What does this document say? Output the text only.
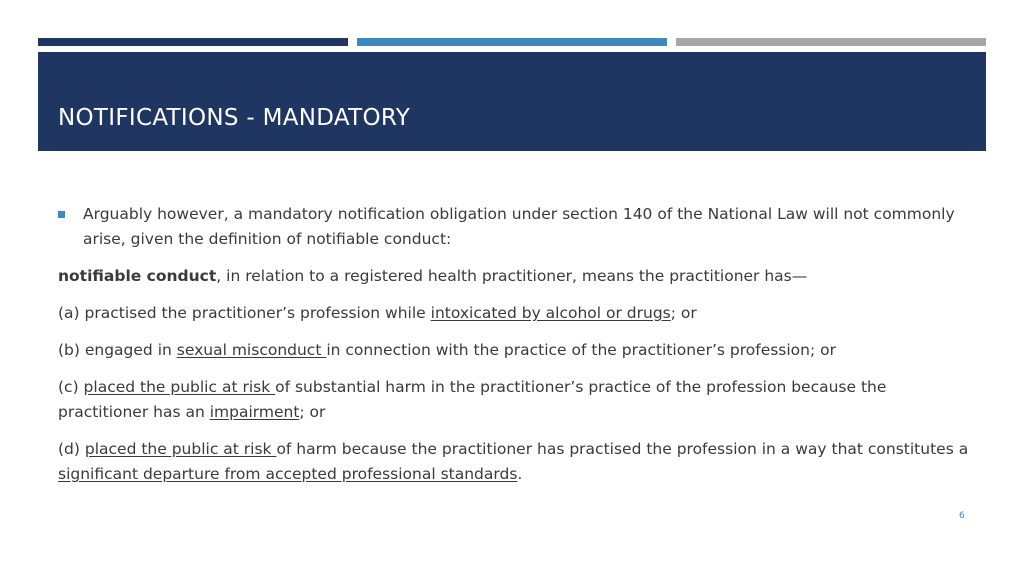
NOTIFICATIONS - MANDATORY
Arguably however, a mandatory notification obligation under section 140 of the National Law will not commonly arise, given the definition of notifiable conduct:
notifiable conduct, in relation to a registered health practitioner, means the practitioner has—
(a) practised the practitioner’s profession while intoxicated by alcohol or drugs; or
(b) engaged in sexual misconduct in connection with the practice of the practitioner’s profession; or
(c) placed the public at risk of substantial harm in the practitioner’s practice of the profession because the practitioner has an impairment; or
(d) placed the public at risk of harm because the practitioner has practised the profession in a way that constitutes a significant departure from accepted professional standards.
6
